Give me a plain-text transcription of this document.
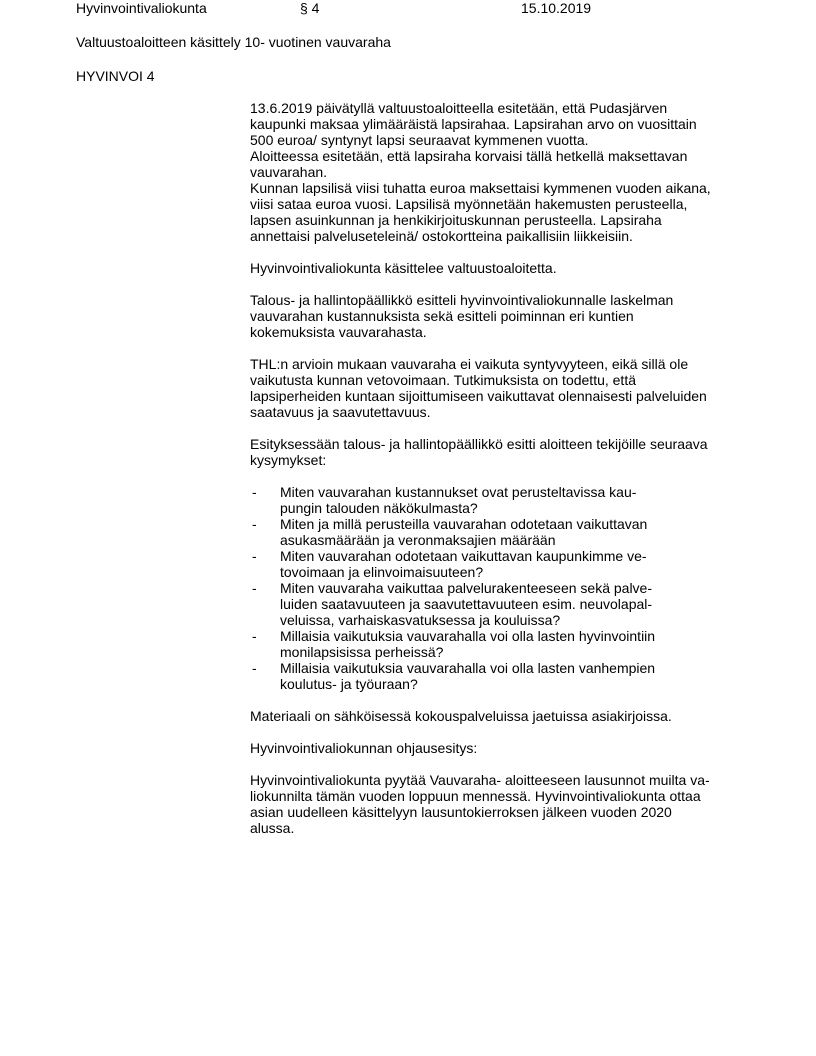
Hyvinvointivaliokunta	§ 4	15.10.2019
Valtuustoaloitteen käsittely 10- vuotinen vauvaraha
HYVINVOI 4

13.6.2019 päivätyllä valtuustoaloitteella esitetään, että Pudasjärven
kaupunki maksaa ylimääräistä lapsirahaa. Lapsirahan arvo on vuosittain
500 euroa/ syntynyt lapsi seuraavat kymmenen vuotta.
Aloitteessa esitetään, että lapsiraha korvaisi tällä hetkellä maksettavan
vauvarahan.
Kunnan lapsilisä viisi tuhatta euroa maksettaisi kymmenen vuoden aikana,
viisi sataa euroa vuosi. Lapsilisä myönnetään hakemusten perusteella,
lapsen asuinkunnan ja henkikirjoituskunnan perusteella. Lapsiraha
annettaisi palveluseteleinä/ ostokortteina paikallisiin liikkeisiin.

Hyvinvointivaliokunta käsittelee valtuustoaloitetta.

Talous- ja hallintopäällikkö esitteli hyvinvointivaliokunnalle laskelman
vauvarahan kustannuksista sekä esitteli poiminnan eri kuntien
kokemuksista vauvarahasta.

THL:n arvioin mukaan vauvaraha ei vaikuta syntyvyyteen, eikä sillä ole
vaikutusta kunnan vetovoimaan. Tutkimuksista on todettu, että
lapsiperheiden kuntaan sijoittumiseen vaikuttavat olennaisesti palveluiden
saatavuus ja saavutettavuus.

Esityksessään talous- ja hallintopäällikkö esitti aloitteen tekijöille seuraava
kysymykset:

- Miten vauvarahan kustannukset ovat perusteltavissa kau-
pungin talouden näkökulmasta?
- Miten ja millä perusteilla vauvarahan odotetaan vaikuttavan
asukasmäärään ja veronmaksajien määrään
- Miten vauvarahan odotetaan vaikuttavan kaupunkimme ve-
tovoimaan ja elinvoimaisuuteen?
- Miten vauvaraha vaikuttaa palvelurakenteeseen sekä palve-
luiden saatavuuteen ja saavutettavuuteen esim. neuvolapal-
veluissa, varhaiskasvatuksessa ja kouluissa?
- Millaisia vaikutuksia vauvarahalla voi olla lasten hyvinvointiin
monilapsisissa perheissä?
- Millaisia vaikutuksia vauvarahalla voi olla lasten vanhempien
koulutus- ja työuraan?

Materiaali on sähköisessä kokouspalveluissa jaetuissa asiakirjoissa.

Hyvinvointivaliokunnan ohjausesitys:

Hyvinvointivaliokunta pyytää Vauvaraha- aloitteeseen lausunnot muilta va-
liokunnilta tämän vuoden loppuun mennessä. Hyvinvointivaliokunta ottaa
asian uudelleen käsittelyyn lausuntokierroksen jälkeen vuoden 2020
alussa.
